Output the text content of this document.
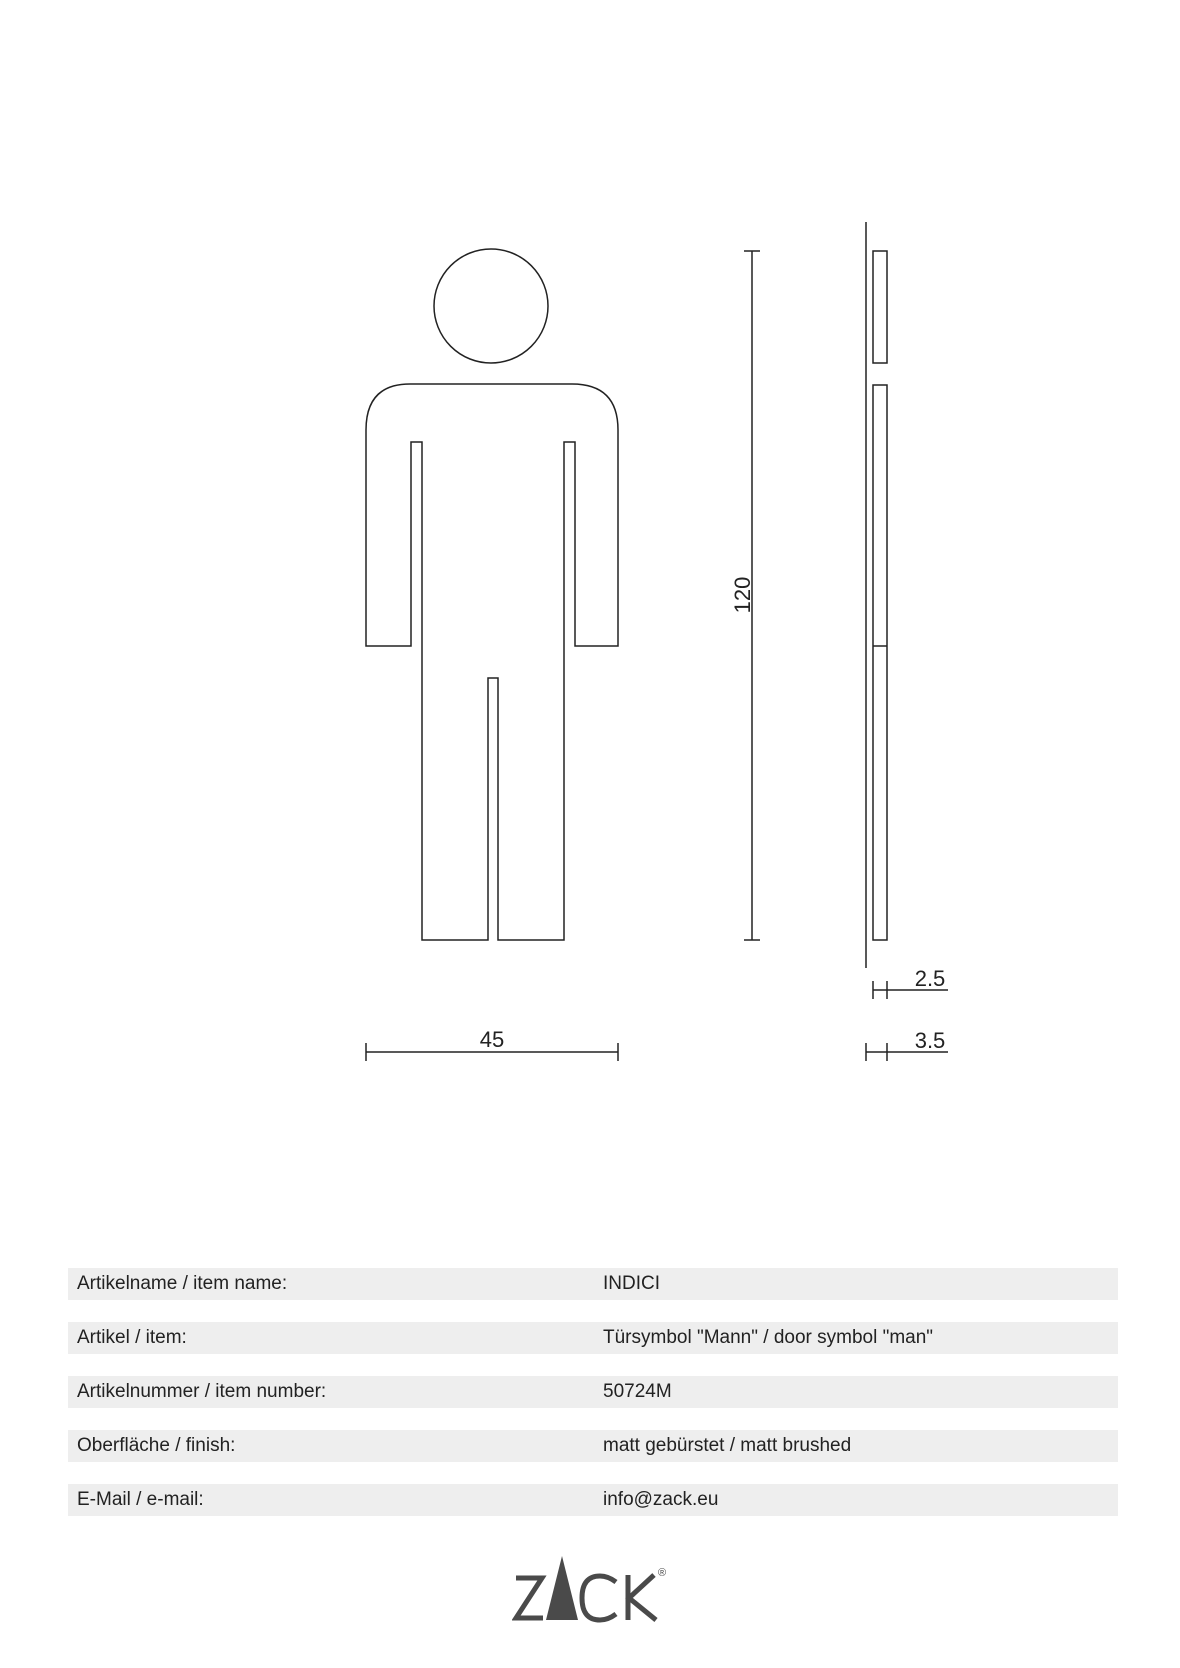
120
45
2.5
3.5
Artikelname / item name:	INDICI
Artikel / item:	Türsymbol "Mann" / door symbol "man"
Artikelnummer / item number:	50724M
Oberfläche / finish:	matt gebürstet / matt brushed
E-Mail / e-mail:	info@zack.eu
®
